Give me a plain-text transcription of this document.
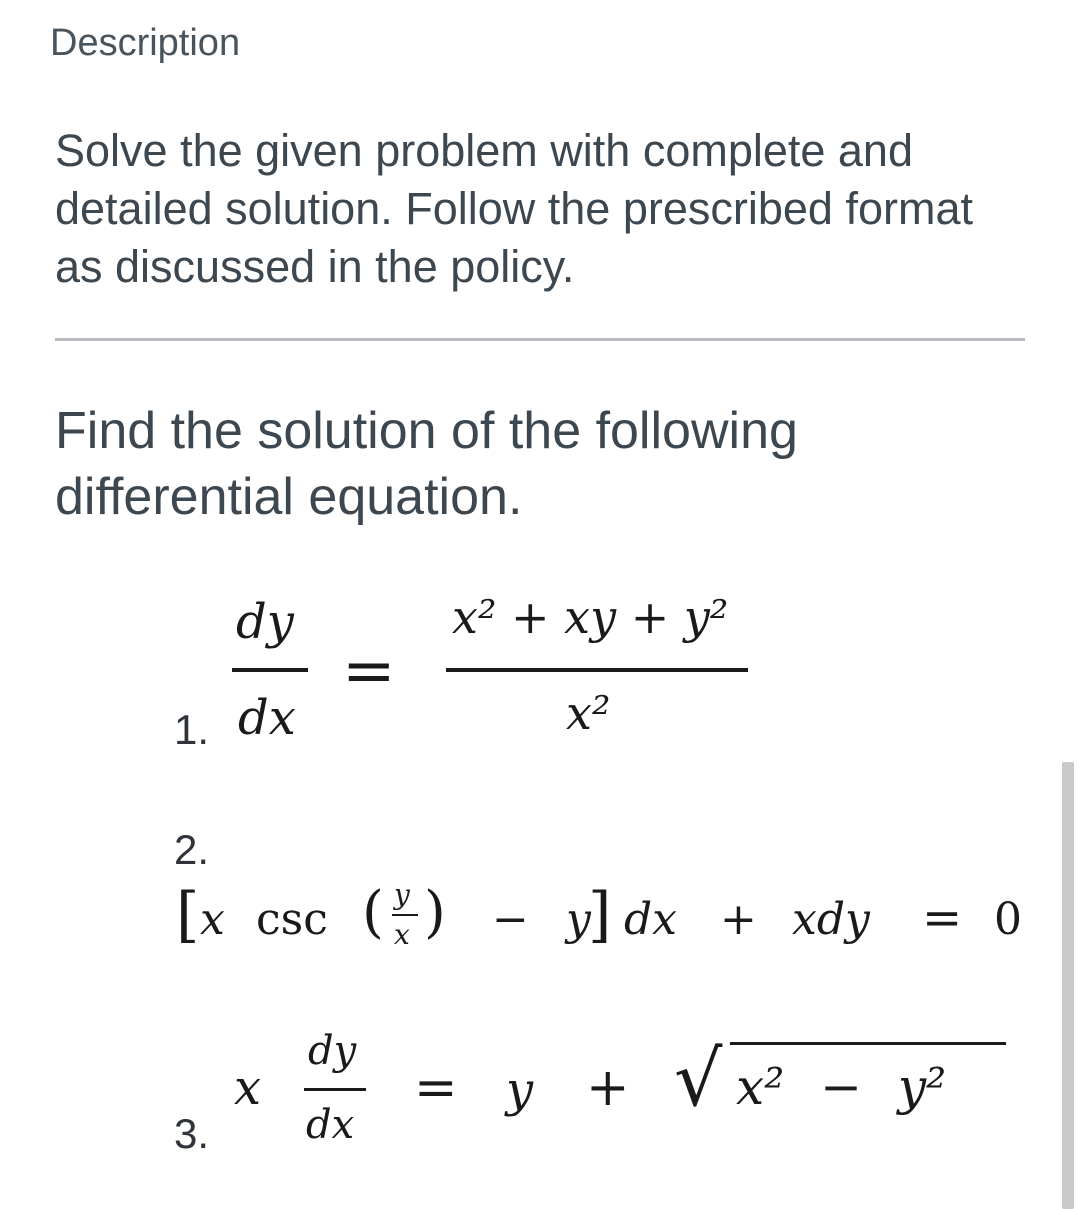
Description
Solve the given problem with complete and detailed solution. Follow the prescribed format as discussed in the policy.
Find the solution of the following differential equation.
1.
dy
dx
=
x² + xy + y²
x²
2.
[ x csc ( y
x ) − y
] dx + xdy = 0
3.
x
dy
dx
= y + √ x² − y²
